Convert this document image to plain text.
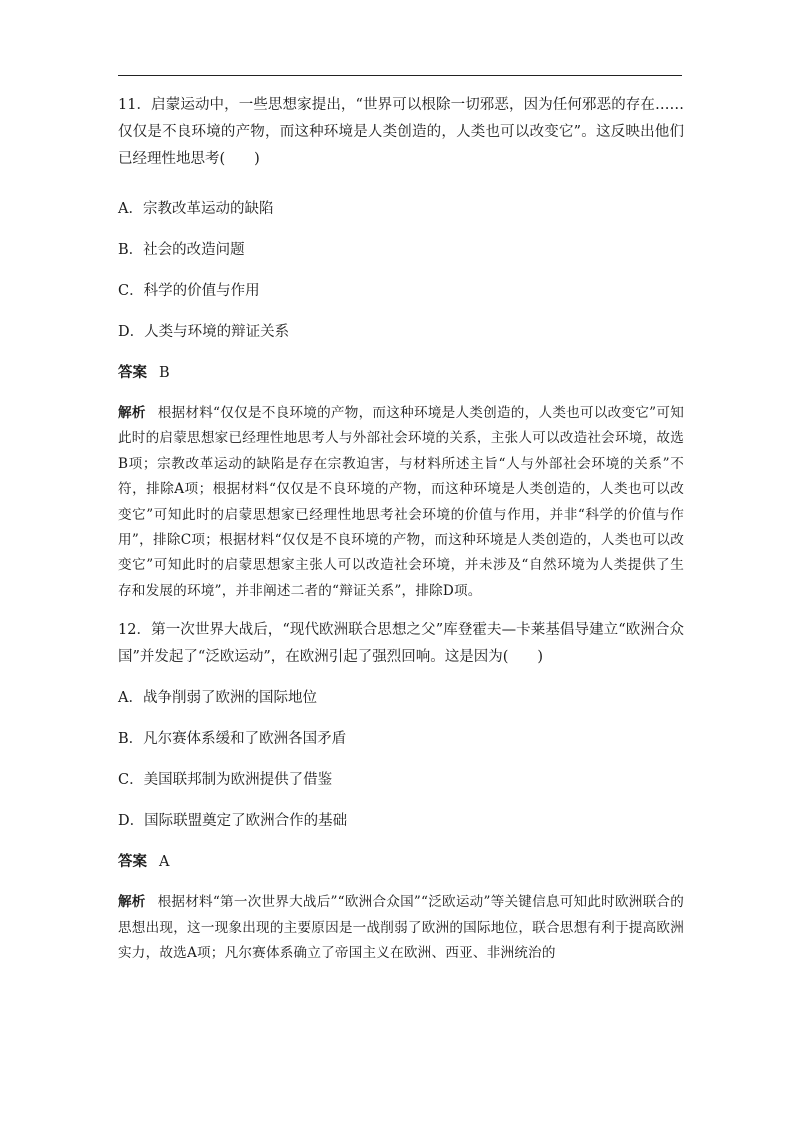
11．启蒙运动中，一些思想家提出，“世界可以根除一切邪恶，因为任何邪恶的存在……仅仅是不良环境的产物，而这种环境是人类创造的，人类也可以改变它”。这反映出他们已经理性地思考(　　)

A．宗教改革运动的缺陷

B．社会的改造问题

C．科学的价值与作用

D．人类与环境的辩证关系

答案 B

解析 根据材料“仅仅是不良环境的产物，而这种环境是人类创造的，人类也可以改变它”可知此时的启蒙思想家已经理性地思考人与外部社会环境的关系，主张人可以改造社会环境，故选B项；宗教改革运动的缺陷是存在宗教迫害，与材料所述主旨“人与外部社会环境的关系”不符，排除A项；根据材料“仅仅是不良环境的产物，而这种环境是人类创造的，人类也可以改变它”可知此时的启蒙思想家已经理性地思考社会环境的价值与作用，并非“科学的价值与作用”，排除C项；根据材料“仅仅是不良环境的产物，而这种环境是人类创造的，人类也可以改变它”可知此时的启蒙思想家主张人可以改造社会环境，并未涉及“自然环境为人类提供了生存和发展的环境”，并非阐述二者的“辩证关系”，排除D项。

12．第一次世界大战后，“现代欧洲联合思想之父”库登霍夫—卡莱基倡导建立“欧洲合众国”并发起了“泛欧运动”，在欧洲引起了强烈回响。这是因为(　　)

A．战争削弱了欧洲的国际地位

B．凡尔赛体系缓和了欧洲各国矛盾

C．美国联邦制为欧洲提供了借鉴

D．国际联盟奠定了欧洲合作的基础

答案 A

解析 根据材料“第一次世界大战后”“欧洲合众国”“泛欧运动”等关键信息可知此时欧洲联合的思想出现，这一现象出现的主要原因是一战削弱了欧洲的国际地位，联合思想有利于提高欧洲实力，故选A项；凡尔赛体系确立了帝国主义在欧洲、西亚、非洲统治的
